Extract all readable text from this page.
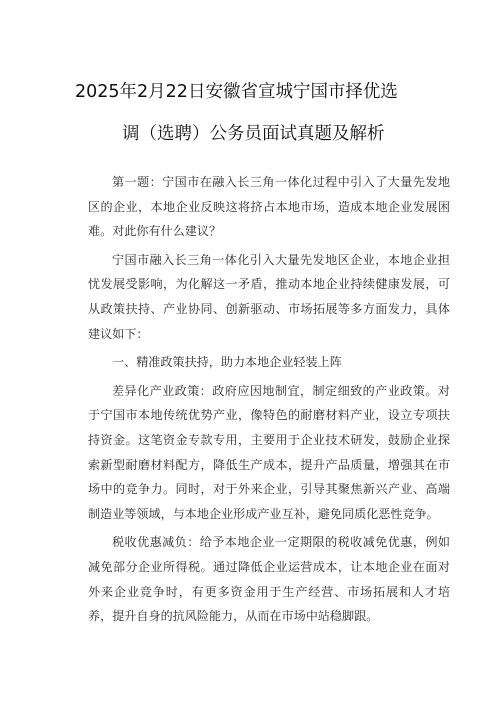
2025年2月22日安徽省宣城宁国市择优选
调（选聘）公务员面试真题及解析

第一题：宁国市在融入长三角一体化过程中引入了大量先发地区的企业，本地企业反映这将挤占本地市场，造成本地企业发展困难。对此你有什么建议？

宁国市融入长三角一体化引入大量先发地区企业，本地企业担忧发展受影响，为化解这一矛盾，推动本地企业持续健康发展，可从政策扶持、产业协同、创新驱动、市场拓展等多方面发力，具体建议如下：

一、精准政策扶持，助力本地企业轻装上阵

差异化产业政策：政府应因地制宜，制定细致的产业政策。对于宁国市本地传统优势产业，像特色的耐磨材料产业，设立专项扶持资金。这笔资金专款专用，主要用于企业技术研发，鼓励企业探索新型耐磨材料配方，降低生产成本，提升产品质量，增强其在市场中的竞争力。同时，对于外来企业，引导其聚焦新兴产业、高端制造业等领域，与本地企业形成产业互补，避免同质化恶性竞争。

税收优惠减负：给予本地企业一定期限的税收减免优惠，例如减免部分企业所得税。通过降低企业运营成本，让本地企业在面对外来企业竞争时，有更多资金用于生产经营、市场拓展和人才培养，提升自身的抗风险能力，从而在市场中站稳脚跟。
